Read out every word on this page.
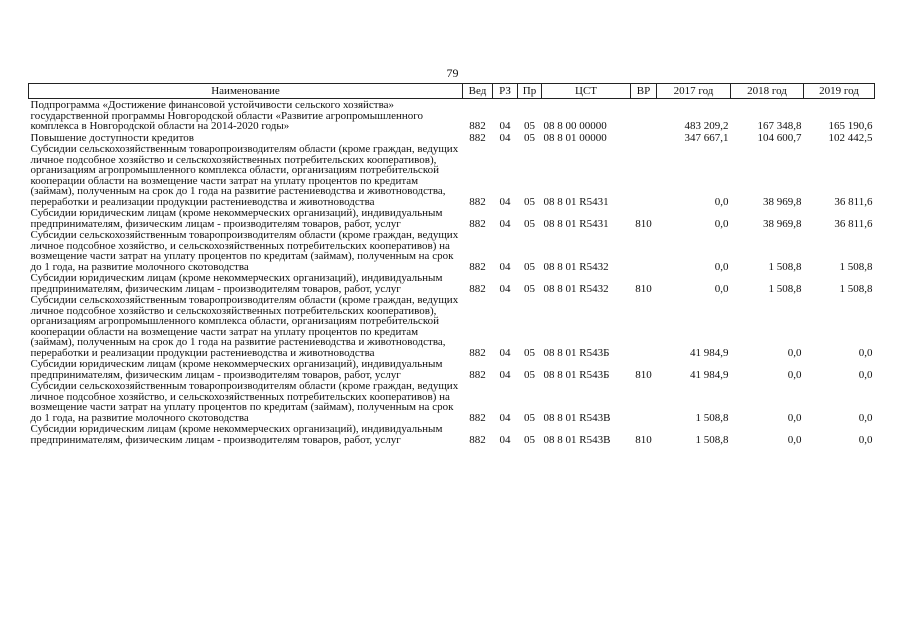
79
Наименование	Вед	РЗ	Пр	ЦСТ	ВР	2017 год	2018 год	2019 год
Подпрограмма «Достижение финансовой устойчивости сельского хозяйства» государственной программы Новгородской области «Развитие агропромышленного комплекса в Новгородской области на 2014-2020 годы»	882	04	05	08 8 00 00000		483 209,2	167 348,8	165 190,6
Повышение доступности кредитов	882	04	05	08 8 01 00000		347 667,1	104 600,7	102 442,5
Субсидии сельскохозяйственным товаропроизводителям области (кроме граждан, ведущих личное подсобное хозяйство и сельскохозяйственных потребительских кооперативов), организациям агропромышленного комплекса области, организациям потребительской кооперации области на возмещение части затрат на уплату процентов по кредитам (займам), полученным на срок до 1 года на развитие растениеводства и животноводства, переработки и реализации продукции растениеводства и животноводства	882	04	05	08 8 01 R5431		0,0	38 969,8	36 811,6
Субсидии юридическим лицам (кроме некоммерческих организаций), индивидуальным предпринимателям, физическим лицам - производителям товаров, работ, услуг	882	04	05	08 8 01 R5431	810	0,0	38 969,8	36 811,6
Субсидии сельскохозяйственным товаропроизводителям области (кроме граждан, ведущих личное подсобное хозяйство, и сельскохозяйственных потребительских кооперативов) на возмещение части затрат на уплату процентов по кредитам (займам), полученным на срок до 1 года, на развитие молочного скотоводства	882	04	05	08 8 01 R5432		0,0	1 508,8	1 508,8
Субсидии юридическим лицам (кроме некоммерческих организаций), индивидуальным предпринимателям, физическим лицам - производителям товаров, работ, услуг	882	04	05	08 8 01 R5432	810	0,0	1 508,8	1 508,8
Субсидии сельскохозяйственным товаропроизводителям области (кроме граждан, ведущих личное подсобное хозяйство и сельскохозяйственных потребительских кооперативов), организациям агропромышленного комплекса области, организациям потребительской кооперации области на возмещение части затрат на уплату процентов по кредитам (займам), полученным на срок до 1 года на развитие растениеводства и животноводства, переработки и реализации продукции растениеводства и животноводства	882	04	05	08 8 01 R543Б		41 984,9	0,0	0,0
Субсидии юридическим лицам (кроме некоммерческих организаций), индивидуальным предпринимателям, физическим лицам - производителям товаров, работ, услуг	882	04	05	08 8 01 R543Б	810	41 984,9	0,0	0,0
Субсидии сельскохозяйственным товаропроизводителям области (кроме граждан, ведущих личное подсобное хозяйство, и сельскохозяйственных потребительских кооперативов) на возмещение части затрат на уплату процентов по кредитам (займам), полученным на срок до 1 года, на развитие молочного скотоводства	882	04	05	08 8 01 R543В		1 508,8	0,0	0,0
Субсидии юридическим лицам (кроме некоммерческих организаций), индивидуальным предпринимателям, физическим лицам - производителям товаров, работ, услуг	882	04	05	08 8 01 R543В	810	1 508,8	0,0	0,0
